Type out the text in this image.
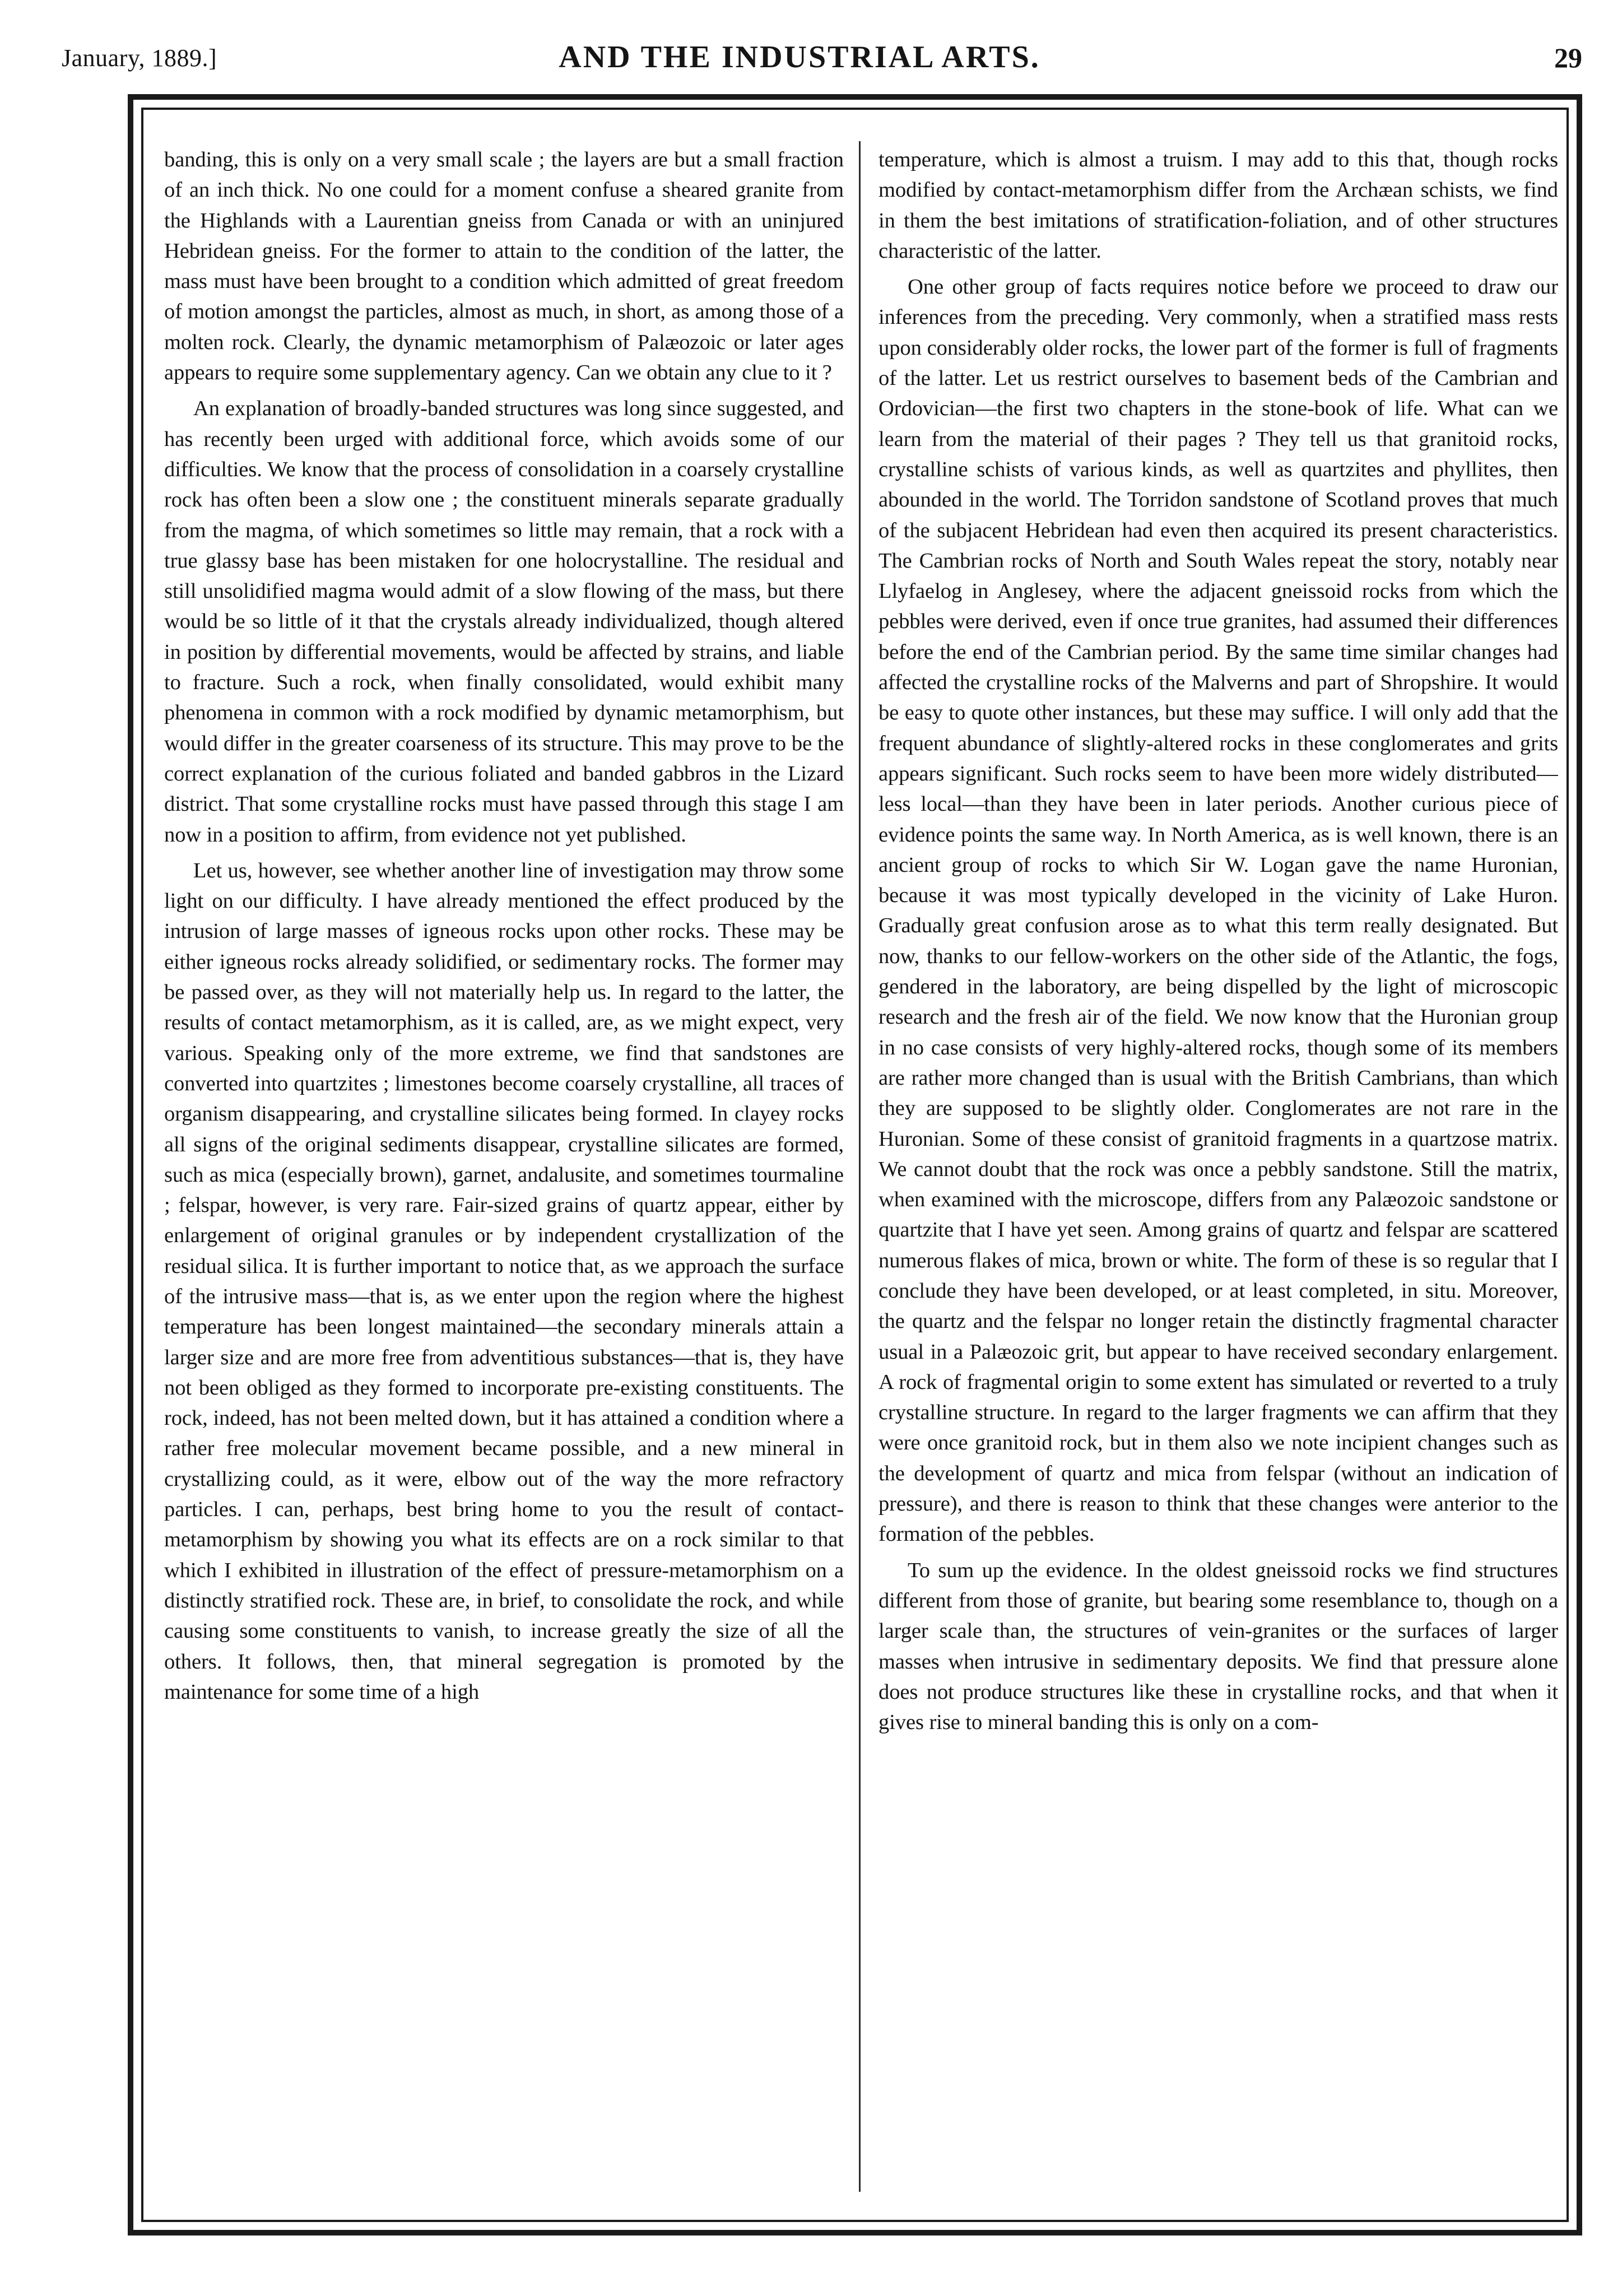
January, 1889.]	AND THE INDUSTRIAL ARTS.	29

banding, this is only on a very small scale ; the layers are but a small fraction of an inch thick. No one could for a moment confuse a sheared granite from the Highlands with a Laurentian gneiss from Canada or with an uninjured Hebridean gneiss. For the former to attain to the condition of the latter, the mass must have been brought to a condition which admitted of great freedom of motion amongst the particles, almost as much, in short, as among those of a molten rock. Clearly, the dynamic metamorphism of Palæozoic or later ages appears to require some supplementary agency. Can we obtain any clue to it ?

An explanation of broadly-banded structures was long since suggested, and has recently been urged with additional force, which avoids some of our difficulties. We know that the process of consolidation in a coarsely crystalline rock has often been a slow one ; the constituent minerals separate gradually from the magma, of which sometimes so little may remain, that a rock with a true glassy base has been mistaken for one holocrystalline. The residual and still unsolidified magma would admit of a slow flowing of the mass, but there would be so little of it that the crystals already individualized, though altered in position by differential movements, would be affected by strains, and liable to fracture. Such a rock, when finally consolidated, would exhibit many phenomena in common with a rock modified by dynamic metamorphism, but would differ in the greater coarseness of its structure. This may prove to be the correct explanation of the curious foliated and banded gabbros in the Lizard district. That some crystalline rocks must have passed through this stage I am now in a position to affirm, from evidence not yet published.

Let us, however, see whether another line of investigation may throw some light on our difficulty. I have already mentioned the effect produced by the intrusion of large masses of igneous rocks upon other rocks. These may be either igneous rocks already solidified, or sedimentary rocks. The former may be passed over, as they will not materially help us. In regard to the latter, the results of contact metamorphism, as it is called, are, as we might expect, very various. Speaking only of the more extreme, we find that sandstones are converted into quartzites ; limestones become coarsely crystalline, all traces of organism disappearing, and crystalline silicates being formed. In clayey rocks all signs of the original sediments disappear, crystalline silicates are formed, such as mica (especially brown), garnet, andalusite, and sometimes tourmaline ; felspar, however, is very rare. Fair-sized grains of quartz appear, either by enlargement of original granules or by independent crystallization of the residual silica. It is further important to notice that, as we approach the surface of the intrusive mass—that is, as we enter upon the region where the highest temperature has been longest maintained—the secondary minerals attain a larger size and are more free from adventitious substances—that is, they have not been obliged as they formed to incorporate pre-existing constituents. The rock, indeed, has not been melted down, but it has attained a condition where a rather free molecular movement became possible, and a new mineral in crystallizing could, as it were, elbow out of the way the more refractory particles. I can, perhaps, best bring home to you the result of contact-metamorphism by showing you what its effects are on a rock similar to that which I exhibited in illustration of the effect of pressure-metamorphism on a distinctly stratified rock. These are, in brief, to consolidate the rock, and while causing some constituents to vanish, to increase greatly the size of all the others. It follows, then, that mineral segregation is promoted by the maintenance for some time of a high

temperature, which is almost a truism. I may add to this that, though rocks modified by contact-metamorphism differ from the Archæan schists, we find in them the best imitations of stratification-foliation, and of other structures characteristic of the latter.

One other group of facts requires notice before we proceed to draw our inferences from the preceding. Very commonly, when a stratified mass rests upon considerably older rocks, the lower part of the former is full of fragments of the latter. Let us restrict ourselves to basement beds of the Cambrian and Ordovician—the first two chapters in the stone-book of life. What can we learn from the material of their pages ? They tell us that granitoid rocks, crystalline schists of various kinds, as well as quartzites and phyllites, then abounded in the world. The Torridon sandstone of Scotland proves that much of the subjacent Hebridean had even then acquired its present characteristics. The Cambrian rocks of North and South Wales repeat the story, notably near Llyfaelog in Anglesey, where the adjacent gneissoid rocks from which the pebbles were derived, even if once true granites, had assumed their differences before the end of the Cambrian period. By the same time similar changes had affected the crystalline rocks of the Malverns and part of Shropshire. It would be easy to quote other instances, but these may suffice. I will only add that the frequent abundance of slightly-altered rocks in these conglomerates and grits appears significant. Such rocks seem to have been more widely distributed—less local—than they have been in later periods. Another curious piece of evidence points the same way. In North America, as is well known, there is an ancient group of rocks to which Sir W. Logan gave the name Huronian, because it was most typically developed in the vicinity of Lake Huron. Gradually great confusion arose as to what this term really designated. But now, thanks to our fellow-workers on the other side of the Atlantic, the fogs, gendered in the laboratory, are being dispelled by the light of microscopic research and the fresh air of the field. We now know that the Huronian group in no case consists of very highly-altered rocks, though some of its members are rather more changed than is usual with the British Cambrians, than which they are supposed to be slightly older. Conglomerates are not rare in the Huronian. Some of these consist of granitoid fragments in a quartzose matrix. We cannot doubt that the rock was once a pebbly sandstone. Still the matrix, when examined with the microscope, differs from any Palæozoic sandstone or quartzite that I have yet seen. Among grains of quartz and felspar are scattered numerous flakes of mica, brown or white. The form of these is so regular that I conclude they have been developed, or at least completed, in situ. Moreover, the quartz and the felspar no longer retain the distinctly fragmental character usual in a Palæozoic grit, but appear to have received secondary enlargement. A rock of fragmental origin to some extent has simulated or reverted to a truly crystalline structure. In regard to the larger fragments we can affirm that they were once granitoid rock, but in them also we note incipient changes such as the development of quartz and mica from felspar (without an indication of pressure), and there is reason to think that these changes were anterior to the formation of the pebbles.

To sum up the evidence. In the oldest gneissoid rocks we find structures different from those of granite, but bearing some resemblance to, though on a larger scale than, the structures of vein-granites or the surfaces of larger masses when intrusive in sedimentary deposits. We find that pressure alone does not produce structures like these in crystalline rocks, and that when it gives rise to mineral banding this is only on a com-
